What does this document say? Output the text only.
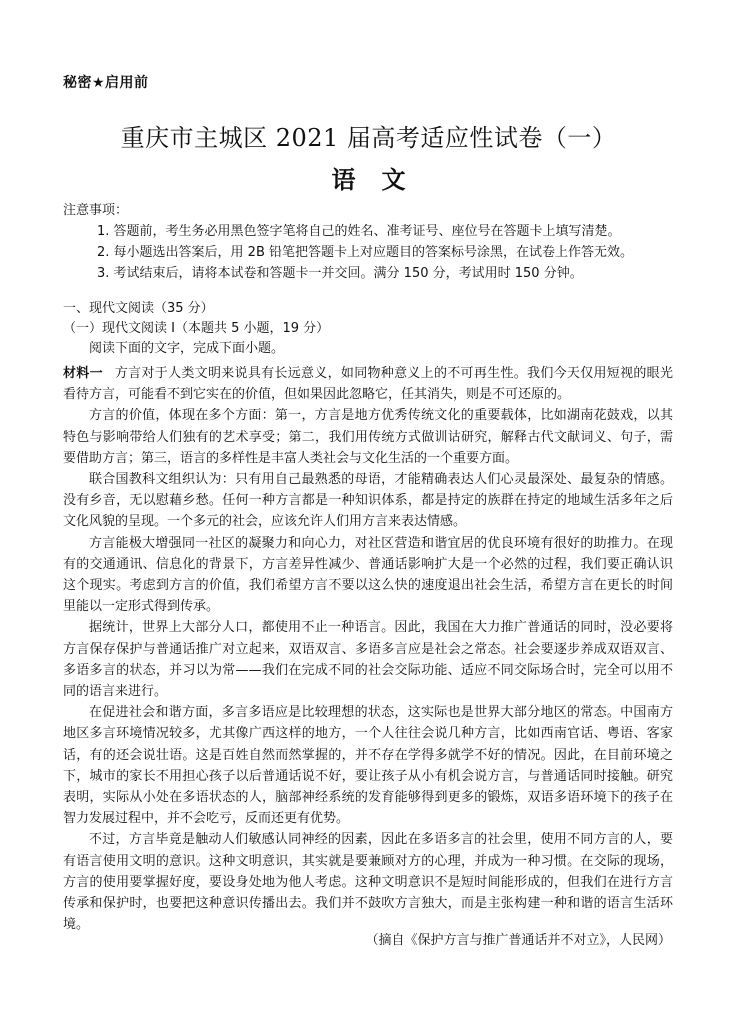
秘密★启用前
重庆市主城区 2021 届高考适应性试卷（一）
语文
注意事项：
1. 答题前，考生务必用黑色签字笔将自己的姓名、准考证号、座位号在答题卡上填写清楚。
2. 每小题选出答案后，用 2B 铅笔把答题卡上对应题目的答案标号涂黑，在试卷上作答无效。
3. 考试结束后，请将本试卷和答题卡一并交回。满分 150 分，考试用时 150 分钟。
一、现代文阅读（35 分）
（一）现代文阅读 Ⅰ（本题共 5 小题，19 分）
阅读下面的文字，完成下面小题。

材料一 方言对于人类文明来说具有长远意义，如同物种意义上的不可再生性。我们今天仅用短视的眼光看待方言，可能看不到它实在的价值，但如果因此忽略它，任其消失，则是不可还原的。

方言的价值，体现在多个方面：第一，方言是地方优秀传统文化的重要载体，比如湖南花鼓戏，以其特色与影响带给人们独有的艺术享受；第二，我们用传统方式做训诂研究，解释古代文献词义、句子，需要借助方言；第三，语言的多样性是丰富人类社会与文化生活的一个重要方面。

联合国教科文组织认为：只有用自己最熟悉的母语，才能精确表达人们心灵最深处、最复杂的情感。没有乡音，无以慰藉乡愁。任何一种方言都是一种知识体系，都是持定的族群在持定的地域生活多年之后文化风貌的呈现。一个多元的社会，应该允许人们用方言来表达情感。

方言能极大增强同一社区的凝聚力和向心力，对社区营造和谐宜居的优良环境有很好的助推力。在现有的交通通讯、信息化的背景下，方言差异性减少、普通话影响扩大是一个必然的过程，我们要正确认识这个现实。考虑到方言的价值，我们希望方言不要以这么快的速度退出社会生活，希望方言在更长的时间里能以一定形式得到传承。

据统计，世界上大部分人口，都使用不止一种语言。因此，我国在大力推广普通话的同时，没必要将方言保存保护与普通话推广对立起来，双语双言、多语多言应是社会之常态。社会要逐步养成双语双言、多语多言的状态，并习以为常——我们在完成不同的社会交际功能、适应不同交际场合时，完全可以用不同的语言来进行。

在促进社会和谐方面，多言多语应是比较理想的状态，这实际也是世界大部分地区的常态。中国南方地区多言环境情况较多，尤其像广西这样的地方，一个人往往会说几种方言，比如西南官话、粤语、客家话，有的还会说壮语。这是百姓自然而然掌握的，并不存在学得多就学不好的情况。因此，在目前环境之下，城市的家长不用担心孩子以后普通话说不好，要让孩子从小有机会说方言，与普通话同时接触。研究表明，实际从小处在多语状态的人，脑部神经系统的发育能够得到更多的锻炼，双语多语环境下的孩子在智力发展过程中，并不会吃亏，反而还更有优势。

不过，方言毕竟是触动人们敏感认同神经的因素，因此在多语多言的社会里，使用不同方言的人，要有语言使用文明的意识。这种文明意识，其实就是要兼顾对方的心理，并成为一种习惯。在交际的现场，方言的使用要掌握好度，要设身处地为他人考虑。这种文明意识不是短时间能形成的，但我们在进行方言传承和保护时，也要把这种意识传播出去。我们并不鼓吹方言独大，而是主张构建一种和谐的语言生活环境。

（摘自《保护方言与推广普通话并不对立》，人民网）
